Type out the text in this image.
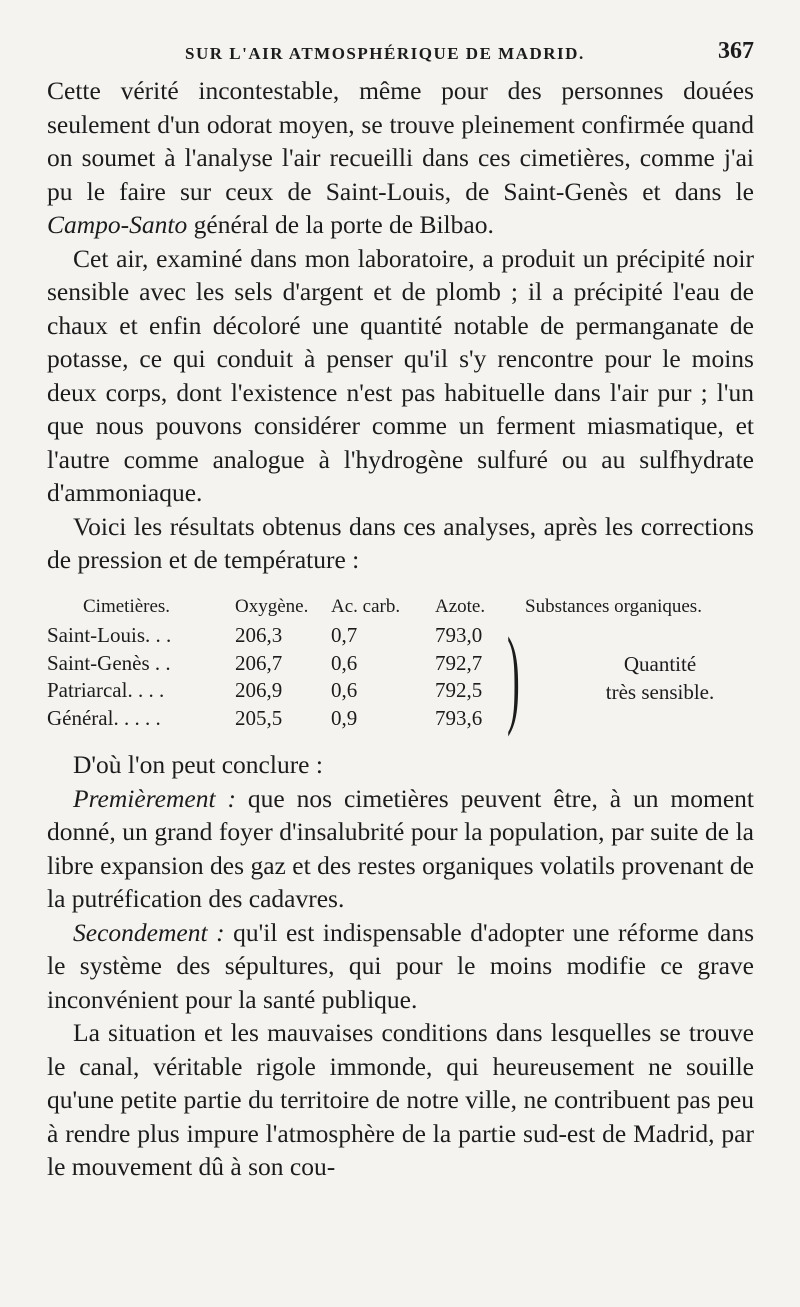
SUR L'AIR ATMOSPHÉRIQUE DE MADRID.	367

Cette vérité incontestable, même pour des personnes douées seulement d'un odorat moyen, se trouve pleinement confirmée quand on soumet à l'analyse l'air recueilli dans ces cimetières, comme j'ai pu le faire sur ceux de Saint-Louis, de Saint-Genès et dans le Campo-Santo général de la porte de Bilbao.

Cet air, examiné dans mon laboratoire, a produit un précipité noir sensible avec les sels d'argent et de plomb ; il a précipité l'eau de chaux et enfin décoloré une quantité notable de permanganate de potasse, ce qui conduit à penser qu'il s'y rencontre pour le moins deux corps, dont l'existence n'est pas habituelle dans l'air pur ; l'un que nous pouvons considérer comme un ferment miasmatique, et l'autre comme analogue à l'hydrogène sulfuré ou au sulfhydrate d'ammoniaque.

Voici les résultats obtenus dans ces analyses, après les corrections de pression et de température :

Cimetières.	Oxygène.	Ac. carb.	Azote.	Substances organiques.
Saint-Louis. . .	206,3	0,7	793,0
Saint-Genès . .	206,7	0,6	792,7
Patriarcal. . . .	206,9	0,6	792,5
Général. . . . .	205,5	0,9	793,6 )	Quantité
très sensible.

D'où l'on peut conclure :

Premièrement : que nos cimetières peuvent être, à un moment donné, un grand foyer d'insalubrité pour la population, par suite de la libre expansion des gaz et des restes organiques volatils provenant de la putréfication des cadavres.

Secondement : qu'il est indispensable d'adopter une réforme dans le système des sépultures, qui pour le moins modifie ce grave inconvénient pour la santé publique.

La situation et les mauvaises conditions dans lesquelles se trouve le canal, véritable rigole immonde, qui heureusement ne souille qu'une petite partie du territoire de notre ville, ne contribuent pas peu à rendre plus impure l'atmosphère de la partie sud-est de Madrid, par le mouvement dû à son cou-
